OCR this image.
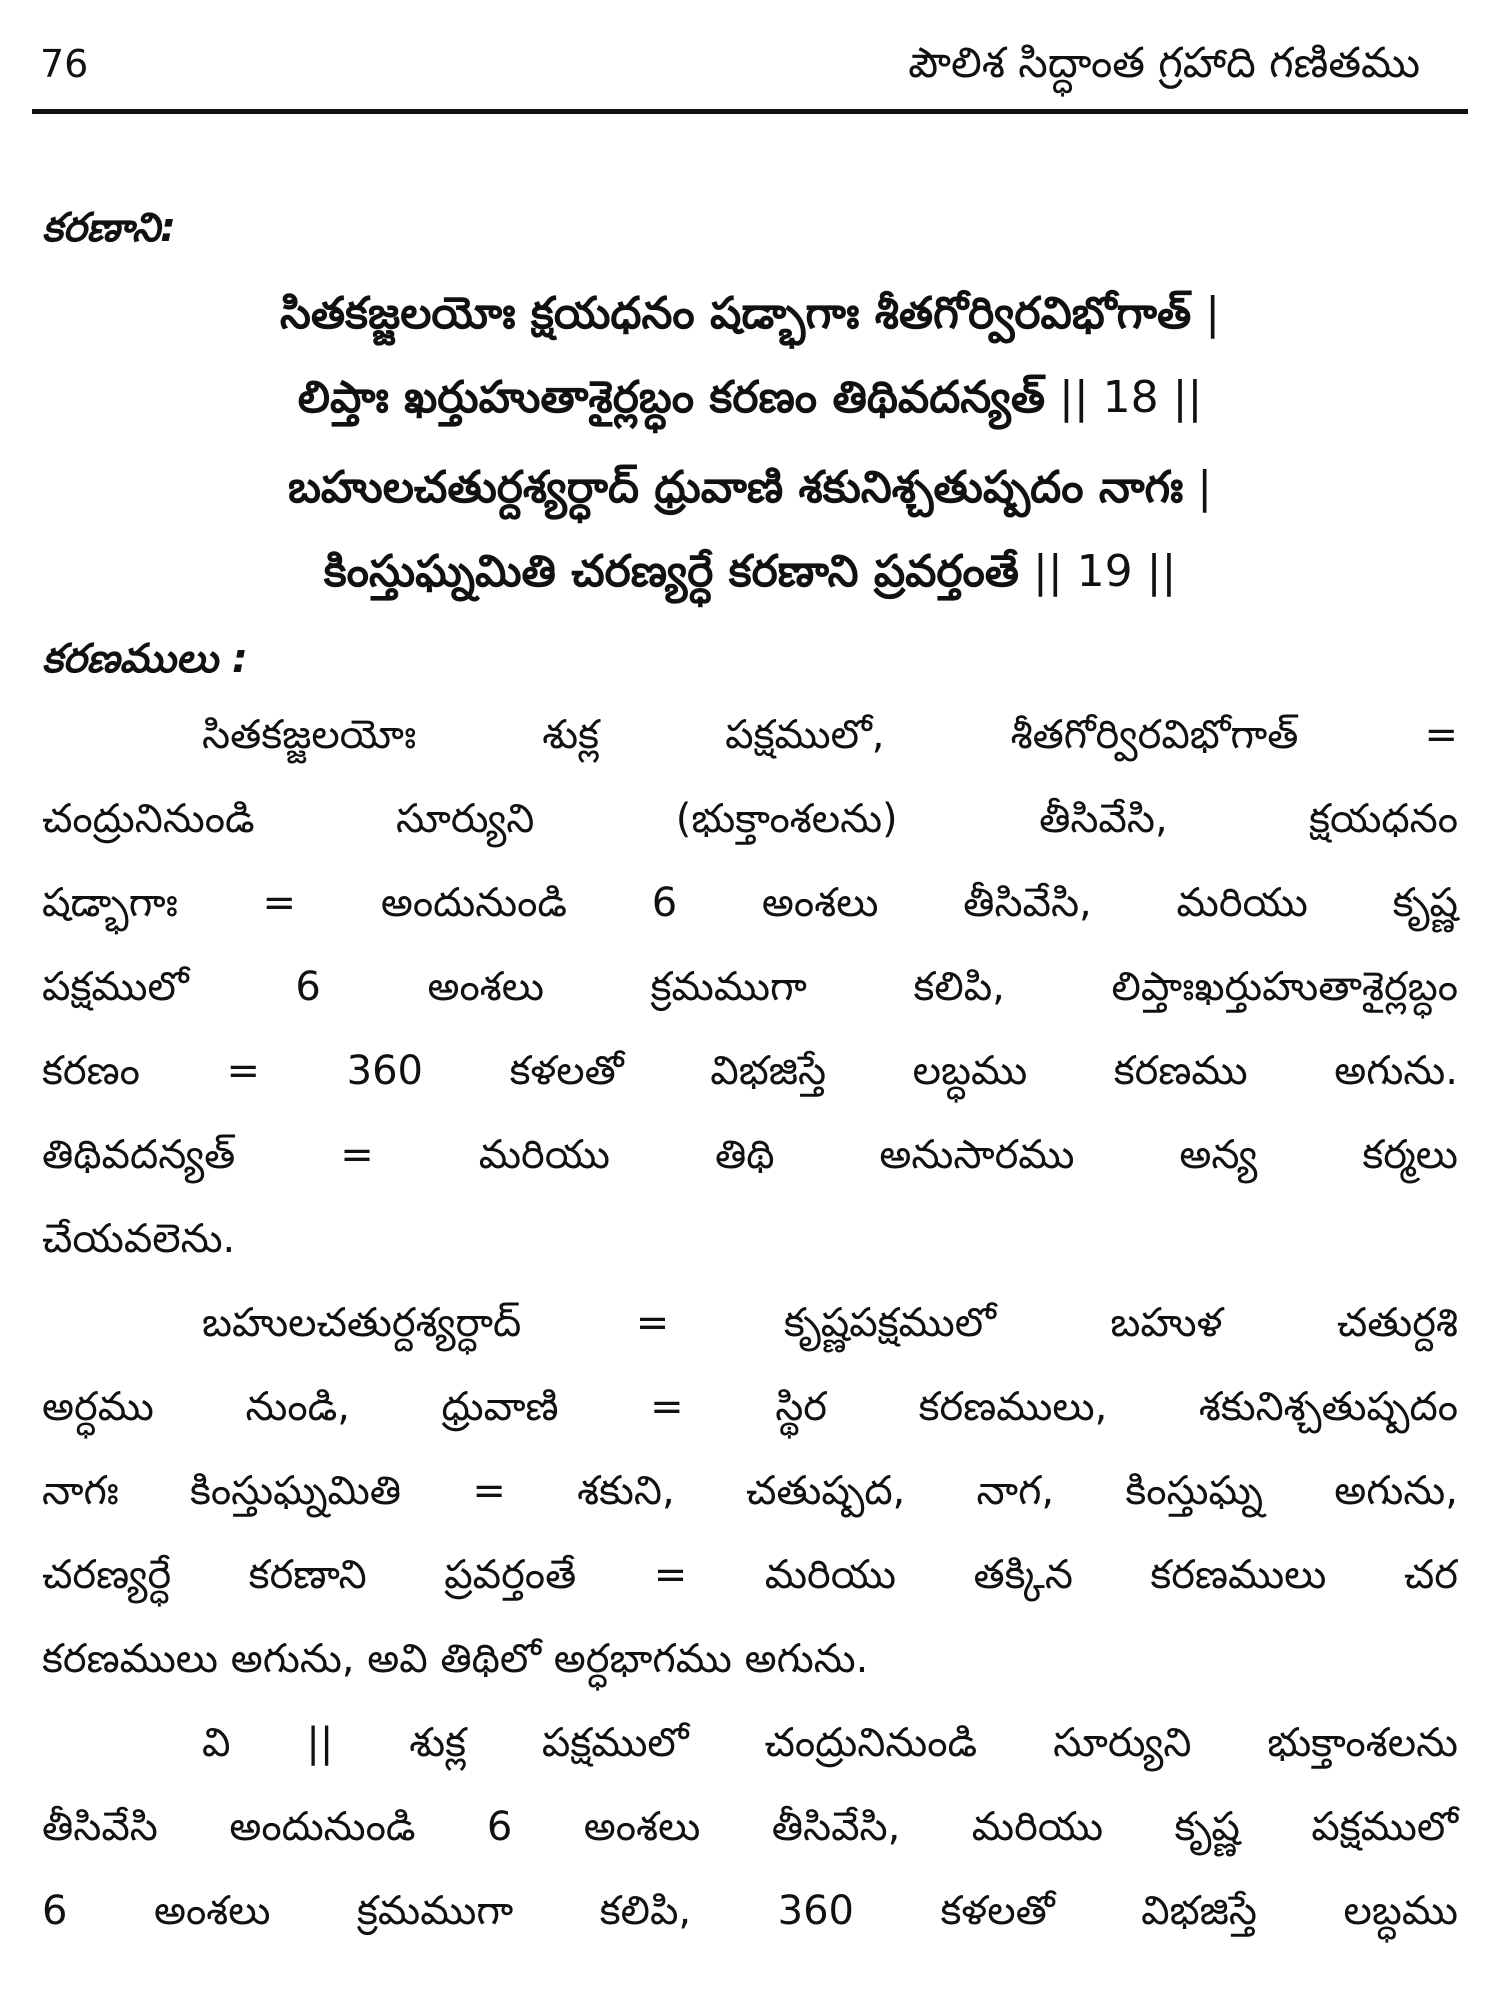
76	పౌలిశ సిద్ధాంత గ్రహాది గణితము
కరణాని:
సితకజ్జలయోః క్షయధనం షడ్భాగాః శీతగోర్విరవిభోగాత్ |
లిప్తాః ఖర్తుహుతాశైర్లబ్ధం కరణం తిథివదన్యత్ || 18 ||
బహులచతుర్దశ్యర్ధాద్ ధ్రువాణి శకునిశ్చతుష్పదం నాగః |
కింస్తుఘ్నమితి చరణ్యర్ధే కరణాని ప్రవర్తంతే || 19 ||
కరణములు :
సితకజ్జలయోః శుక్ల పక్షములో, శీతగోర్విరవిభోగాత్ =
చంద్రునినుండి సూర్యుని (భుక్తాంశలను) తీసివేసి, క్షయధనం
షడ్భాగాః = అందునుండి 6 అంశలు తీసివేసి, మరియు కృష్ణ
పక్షములో 6 అంశలు క్రమముగా కలిపి, లిప్తాఃఖర్తుహుతాశైర్లబ్ధం
కరణం = 360 కళలతో విభజిస్తే లబ్ధము కరణము అగును.
తిథివదన్యత్ = మరియు తిథి అనుసారము అన్య కర్మలు
చేయవలెను.
బహులచతుర్దశ్యర్ధాద్ = కృష్ణపక్షములో బహుళ చతుర్దశి
అర్ధము నుండి, ధ్రువాణి = స్థిర కరణములు, శకునిశ్చతుష్పదం
నాగః కింస్తుఘ్నమితి = శకుని, చతుష్పద, నాగ, కింస్తుఘ్న అగును,
చరణ్యర్ధే కరణాని ప్రవర్తంతే = మరియు తక్కిన కరణములు చర
కరణములు అగును, అవి తిథిలో అర్ధభాగము అగును.
వి || శుక్ల పక్షములో చంద్రునినుండి సూర్యుని భుక్తాంశలను
తీసివేసి అందునుండి 6 అంశలు తీసివేసి, మరియు కృష్ణ పక్షములో
6 అంశలు క్రమముగా కలిపి, 360 కళలతో విభజిస్తే లబ్ధము
